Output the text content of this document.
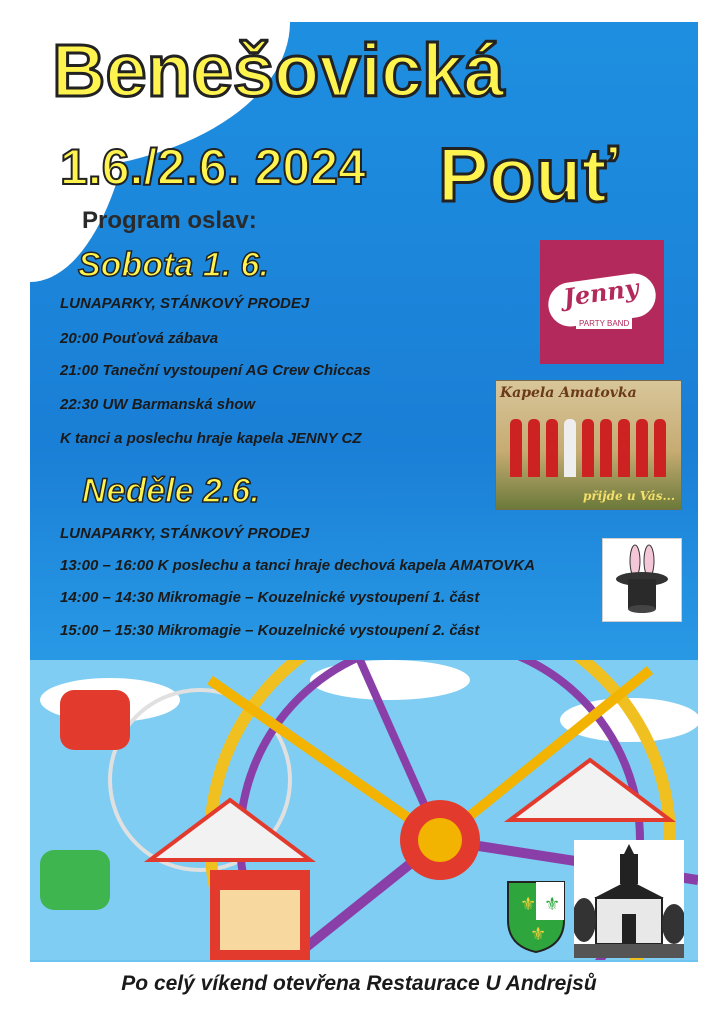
Benešovická
1.6./2.6. 2024 Pouť
Program oslav:
Sobota 1. 6.
LUNAPARKY, STÁNKOVÝ PRODEJ
20:00 Pouťová zábava
21:00 Taneční vystoupení AG Crew Chiccas
22:30 UW Barmanská show
K tanci a poslechu hraje kapela JENNY CZ
Neděle 2.6.
LUNAPARKY, STÁNKOVÝ PRODEJ
13:00 – 16:00 K poslechu a tanci hraje dechová kapela AMATOVKA
14:00 – 14:30 Mikromagie – Kouzelnické vystoupení 1. část
15:00 – 15:30 Mikromagie – Kouzelnické vystoupení 2. část
Jenny
PARTY BAND
Kapela Amatovka
přijde u Vás...
⚜ ⚜
⚜
Po celý víkend otevřena Restaurace U Andrejsů
